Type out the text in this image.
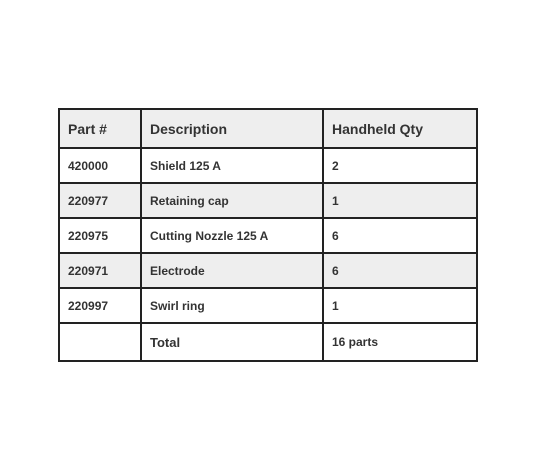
Part #	Description	Handheld Qty
420000	Shield 125 A	2
220977	Retaining cap	1
220975	Cutting Nozzle 125 A	6
220971	Electrode	6
220997	Swirl ring	1
	Total	16 parts
